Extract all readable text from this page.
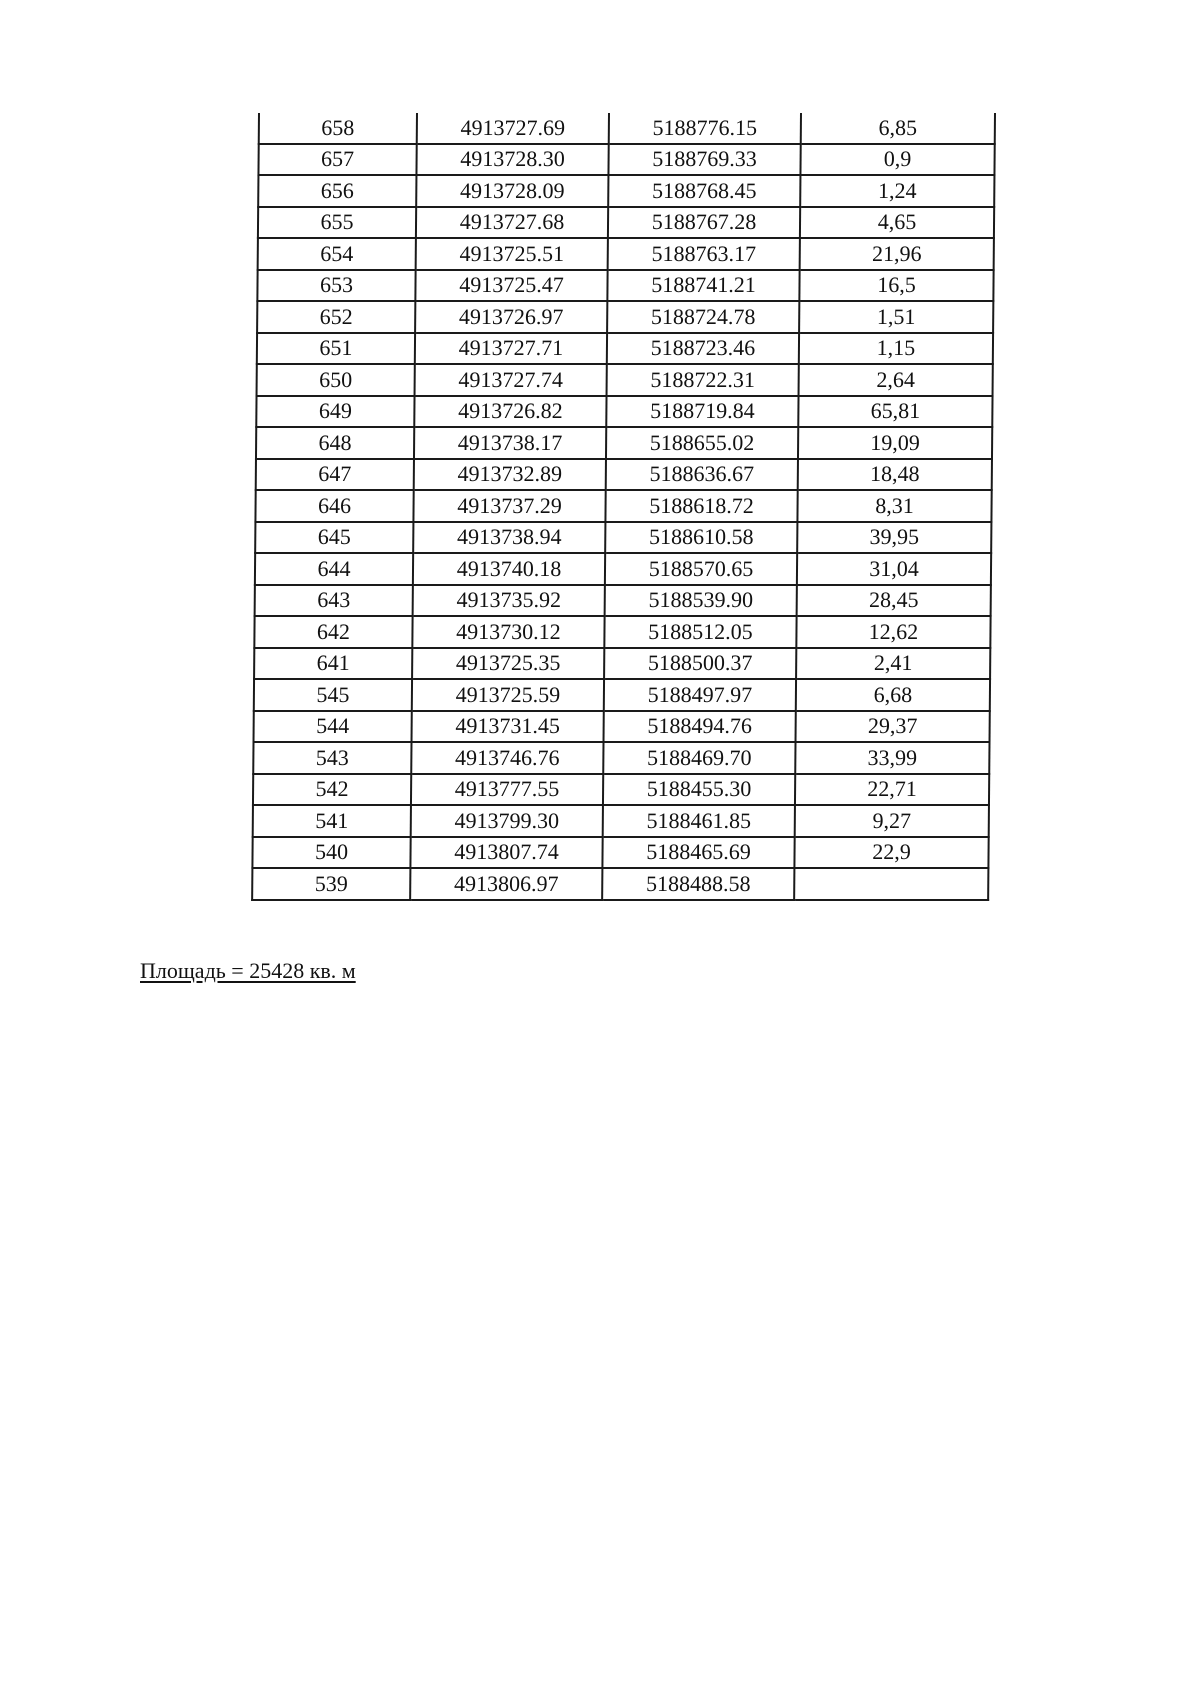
658	4913727.69	5188776.15	6,85
657	4913728.30	5188769.33	0,9
656	4913728.09	5188768.45	1,24
655	4913727.68	5188767.28	4,65
654	4913725.51	5188763.17	21,96
653	4913725.47	5188741.21	16,5
652	4913726.97	5188724.78	1,51
651	4913727.71	5188723.46	1,15
650	4913727.74	5188722.31	2,64
649	4913726.82	5188719.84	65,81
648	4913738.17	5188655.02	19,09
647	4913732.89	5188636.67	18,48
646	4913737.29	5188618.72	8,31
645	4913738.94	5188610.58	39,95
644	4913740.18	5188570.65	31,04
643	4913735.92	5188539.90	28,45
642	4913730.12	5188512.05	12,62
641	4913725.35	5188500.37	2,41
545	4913725.59	5188497.97	6,68
544	4913731.45	5188494.76	29,37
543	4913746.76	5188469.70	33,99
542	4913777.55	5188455.30	22,71
541	4913799.30	5188461.85	9,27
540	4913807.74	5188465.69	22,9
539	4913806.97	5188488.58	
Площадь = 25428 кв. м
